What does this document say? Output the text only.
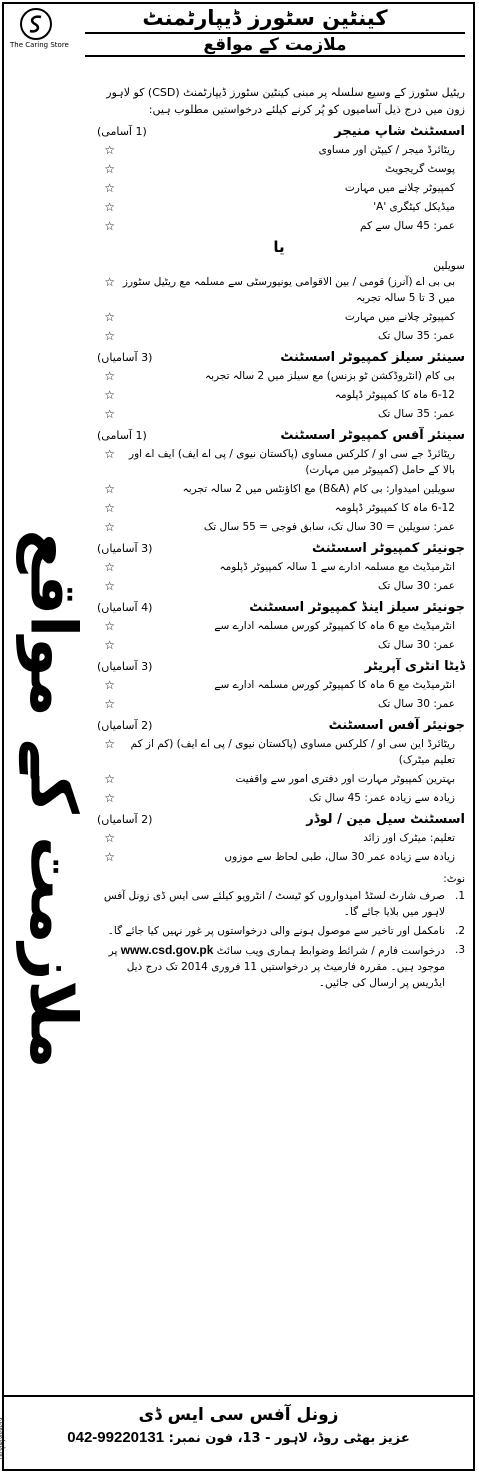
کینٹین سٹورز ڈیپارٹمنٹ
ملازمت کے مواقع
The Caring Store

ریٹیل سٹورز کے وسیع سلسلہ پر مبنی کینٹین سٹورز ڈیپارٹمنٹ (CSD) کو لاہور زون میں درج ذیل آسامیوں کو پُر کرنے کیلئے درخواستیں مطلوب ہیں:

اسسٹنٹ شاپ منیجر
(1 آسامی)
ریٹائرڈ میجر / کیپٹن اور مساوی
☆
پوسٹ گریجویٹ
☆
کمپیوٹر چلانے میں مہارت
☆
میڈیکل کیٹگری 'A'
☆
عمر: 45 سال سے کم
☆
یا
سویلین
بی بی اے (آنرز) قومی / بین الاقوامی یونیورسٹی سے مسلمہ مع ریٹیل سٹورز میں 3 تا 5 سالہ تجربہ
☆
کمپیوٹر چلانے میں مہارت
☆
عمر: 35 سال تک
☆
سینئر سیلز کمپیوٹر اسسٹنٹ
(3 آسامیاں)
بی کام (انٹروڈکشن ٹو بزنس) مع سیلز میں 2 سالہ تجربہ
☆
6-12 ماہ کا کمپیوٹر ڈپلومہ
☆
عمر: 35 سال تک
☆
سینئر آفس کمپیوٹر اسسٹنٹ
(1 آسامی)
ریٹائرڈ جے سی او / کلرکس مساوی (پاکستان نیوی / پی اے ایف) ایف اے اور بالا کے حامل (کمپیوٹر میں مہارت)
☆
سویلین امیدوار: بی کام (B&A) مع اکاؤنٹس میں 2 سالہ تجربہ
☆
6-12 ماہ کا کمپیوٹر ڈپلومہ
☆
عمر: سویلین = 30 سال تک، سابق فوجی = 55 سال تک
☆
جونیئر کمپیوٹر اسسٹنٹ
(3 آسامیاں)
انٹرمیڈیٹ مع مسلمہ ادارے سے 1 سالہ کمپیوٹر ڈپلومہ
☆
عمر: 30 سال تک
☆
جونیئر سیلز اینڈ کمپیوٹر اسسٹنٹ
(4 آسامیاں)
انٹرمیڈیٹ مع 6 ماہ کا کمپیوٹر کورس مسلمہ ادارے سے
☆
عمر: 30 سال تک
☆
ڈیٹا انٹری آپریٹر
(3 آسامیاں)
انٹرمیڈیٹ مع 6 ماہ کا کمپیوٹر کورس مسلمہ ادارے سے
☆
عمر: 30 سال تک
☆
جونیئر آفس اسسٹنٹ
(2 آسامیاں)
ریٹائرڈ این سی او / کلرکس مساوی (پاکستان نیوی / پی اے ایف) (کم از کم تعلیم میٹرک)
☆
بہترین کمپیوٹر مہارت اور دفتری امور سے واقفیت
☆
زیادہ سے زیادہ عمر: 45 سال تک
☆
اسسٹنٹ سیل مین / لوڈر
(2 آسامیاں)
تعلیم: میٹرک اور زائد
☆
زیادہ سے زیادہ عمر 30 سال، طبی لحاظ سے موزوں
☆
نوٹ:
1.
صرف شارٹ لسٹڈ امیدواروں کو ٹیسٹ / انٹرویو کیلئے سی ایس ڈی زونل آفس لاہور میں بلایا جائے گا۔
2.
نامکمل اور تاخیر سے موصول ہونے والی درخواستوں پر غور نہیں کیا جائے گا۔
3.
درخواست فارم / شرائط وضوابط ہماری ویب سائٹ www.csd.gov.pk پر موجود ہیں۔ مقررہ فارمیٹ پر درخواستیں 11 فروری 2014 تک درج ذیل ایڈریس پر ارسال کی جائیں۔
ملازمت کے مواقع
زونل آفس سی ایس ڈی
عزیز بھٹی روڈ، لاہور - 13، فون نمبر: 042-99220131
PID(W)3009/13
